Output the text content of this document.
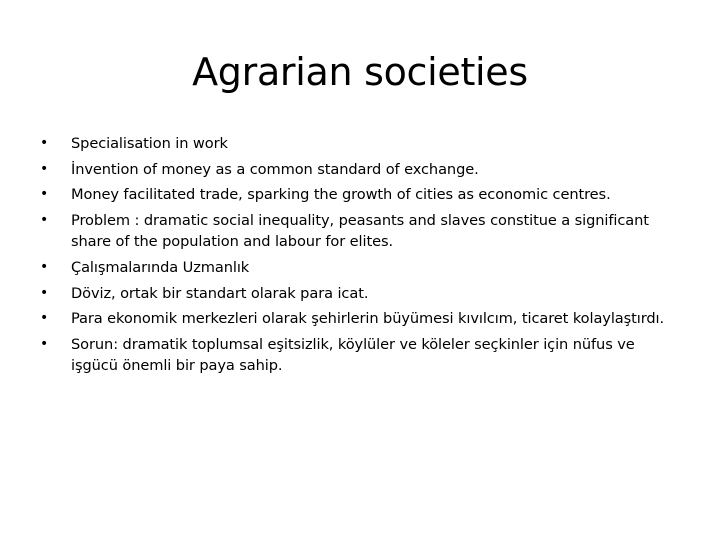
Agrarian societies
• Specialisation in work
• İnvention of money as a common standard of exchange.
• Money facilitated trade, sparking the growth of cities as economic centres.
• Problem : dramatic social inequality, peasants and slaves constitue a significant share of the population and labour for elites.
• Çalışmalarında Uzmanlık
• Döviz, ortak bir standart olarak para icat.
• Para ekonomik merkezleri olarak şehirlerin büyümesi kıvılcım, ticaret kolaylaştırdı.
• Sorun: dramatik toplumsal eşitsizlik, köylüler ve köleler seçkinler için nüfus ve işgücü önemli bir paya sahip.
